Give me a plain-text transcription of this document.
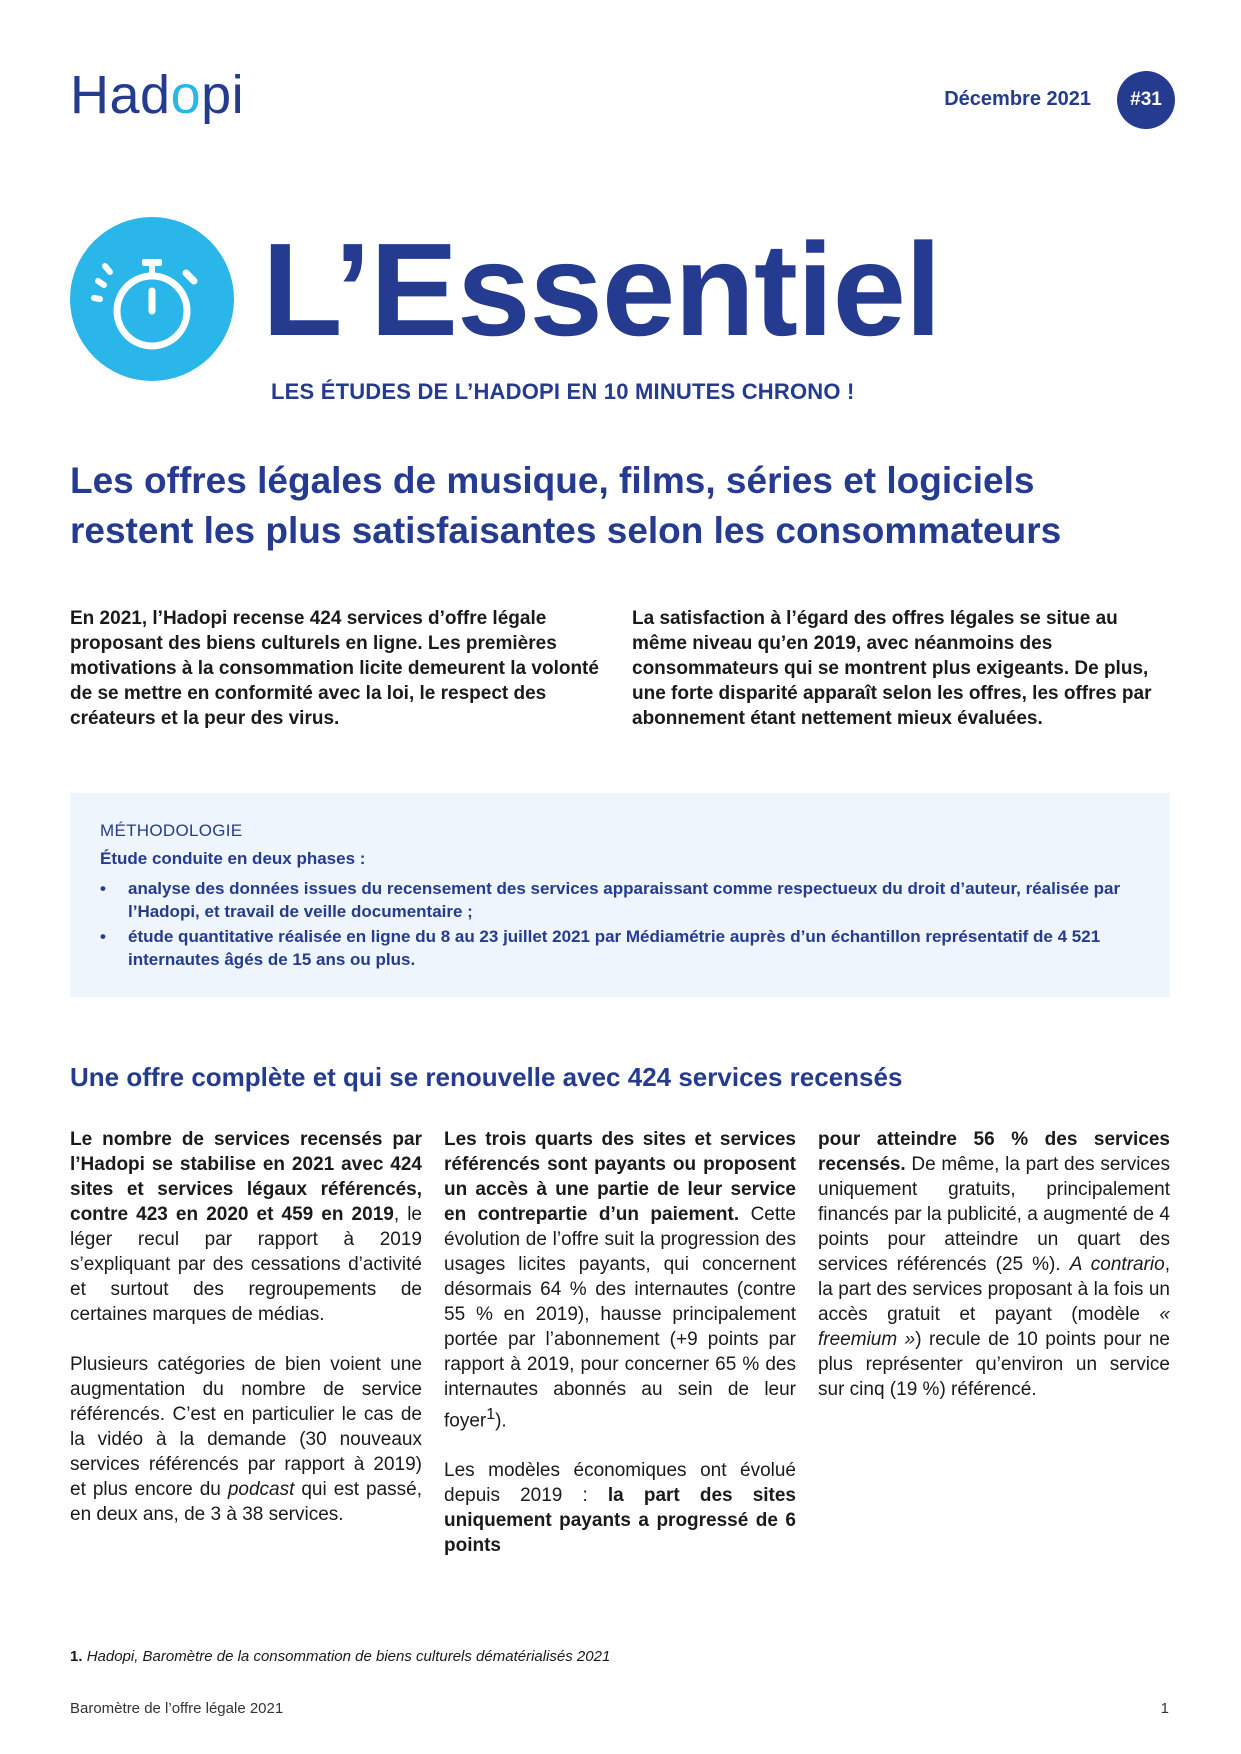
Hadopi	Décembre 2021	#31
L’Essentiel
LES ÉTUDES DE L’HADOPI EN 10 MINUTES CHRONO !
Les offres légales de musique, films, séries et logiciels
restent les plus satisfaisantes selon les consommateurs
En 2021, l’Hadopi recense 424 services d’offre légale proposant des biens culturels en ligne. Les premières motivations à la consommation licite demeurent la volonté de se mettre en conformité avec la loi, le respect des créateurs et la peur des virus.
La satisfaction à l’égard des offres légales se situe au même niveau qu’en 2019, avec néanmoins des consommateurs qui se montrent plus exigeants. De plus, une forte disparité apparaît selon les offres, les offres par abonnement étant nettement mieux évaluées.
MÉTHODOLOGIE
Étude conduite en deux phases :
• analyse des données issues du recensement des services apparaissant comme respectueux du droit d’auteur, réalisée par l’Hadopi, et travail de veille documentaire ;
• étude quantitative réalisée en ligne du 8 au 23 juillet 2021 par Médiamétrie auprès d’un échantillon représentatif de 4 521 internautes âgés de 15 ans ou plus.
Une offre complète et qui se renouvelle avec 424 services recensés

Le nombre de services recensés par l’Hadopi se stabilise en 2021 avec 424 sites et services légaux référencés, contre 423 en 2020 et 459 en 2019, le léger recul par rapport à 2019 s’expliquant par des cessations d’activité et surtout des regroupements de certaines marques de médias.

Plusieurs catégories de bien voient une augmentation du nombre de service référencés. C’est en particulier le cas de la vidéo à la demande (30 nouveaux services référencés par rapport à 2019) et plus encore du podcast qui est passé, en deux ans, de 3 à 38 services.

Les trois quarts des sites et services référencés sont payants ou proposent un accès à une partie de leur service en contrepartie d’un paiement. Cette évolution de l’offre suit la progression des usages licites payants, qui concernent désormais 64 % des internautes (contre 55 % en 2019), hausse principalement portée par l’abonnement (+9 points par rapport à 2019, pour concerner 65 % des internautes abonnés au sein de leur foyer$^1$).

Les modèles économiques ont évolué depuis 2019 : la part des sites uniquement payants a progressé de 6 points

pour atteindre 56 % des services recensés. De même, la part des services uniquement gratuits, principalement financés par la publicité, a augmenté de 4 points pour atteindre un quart des services référencés (25 %). A contrario, la part des services proposant à la fois un accès gratuit et payant (modèle « freemium ») recule de 10 points pour ne plus représenter qu’environ un service sur cinq (19 %) référencé.

1. Hadopi, Baromètre de la consommation de biens culturels dématérialisés 2021
Baromètre de l’offre légale 2021	1
